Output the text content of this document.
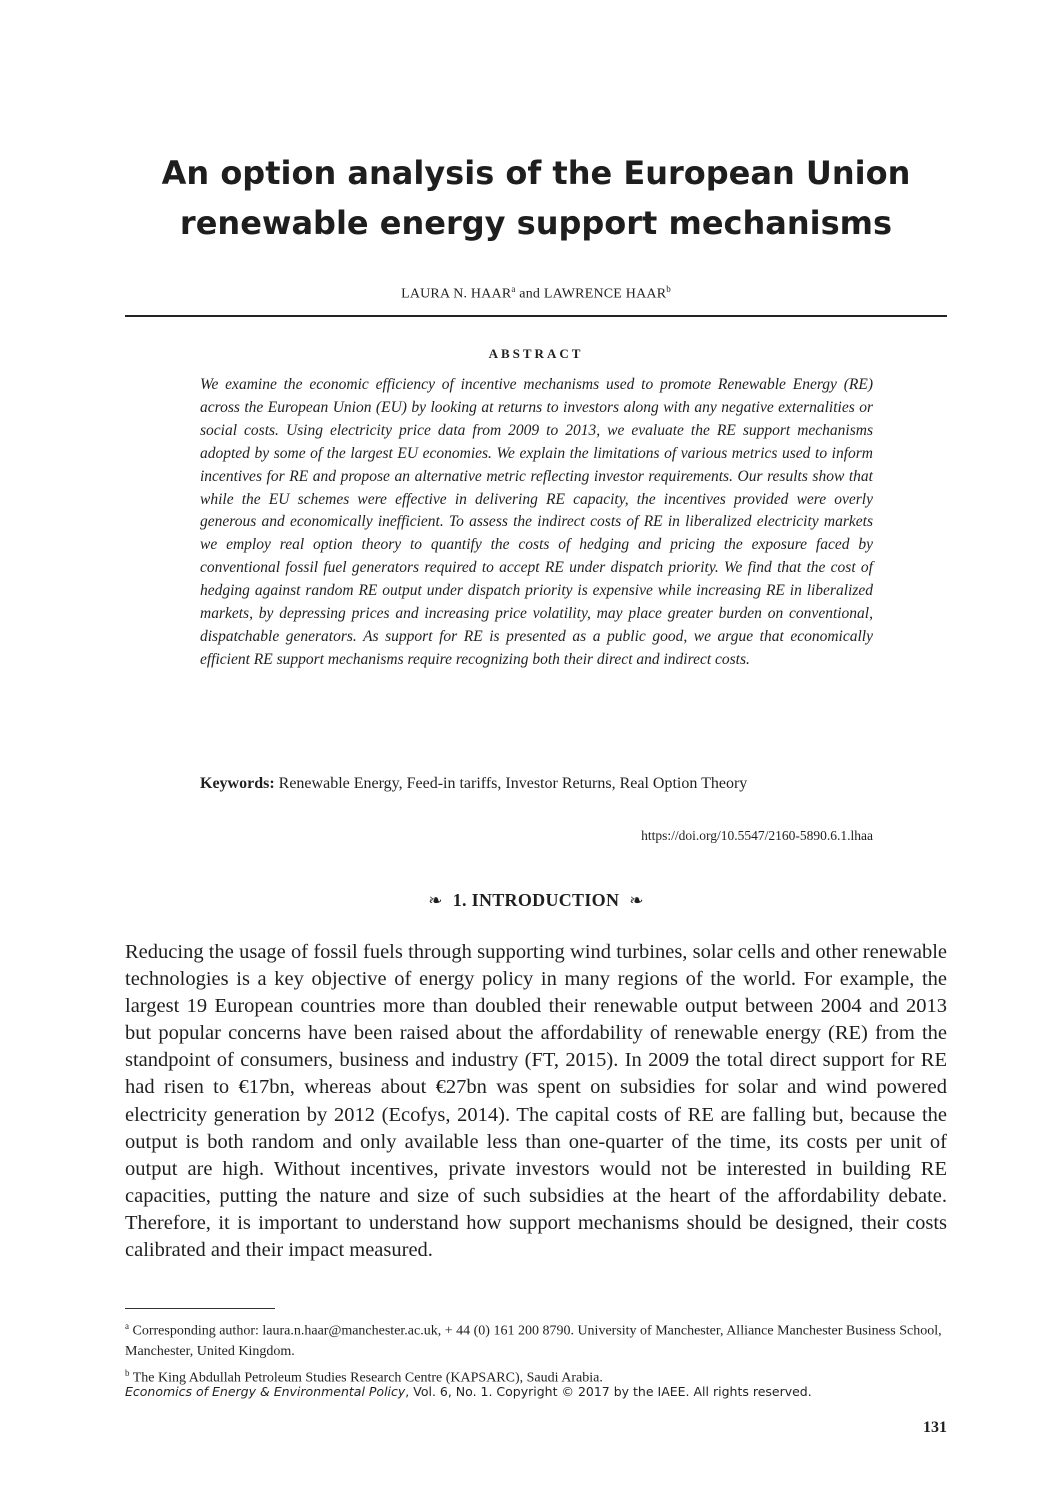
An option analysis of the European Union
renewable energy support mechanisms
LAURA N. HAAR$^a$ and LAWRENCE HAAR$^b$
ABSTRACT

We examine the economic efficiency of incentive mechanisms used to promote Renewable Energy (RE) across the European Union (EU) by looking at returns to investors along with any negative externalities or social costs. Using electricity price data from 2009 to 2013, we evaluate the RE support mechanisms adopted by some of the largest EU economies. We explain the limitations of various metrics used to inform incentives for RE and propose an alternative metric reflecting investor requirements. Our results show that while the EU schemes were effective in delivering RE capacity, the incentives provided were overly generous and economically inefficient. To assess the indirect costs of RE in liberalized electricity markets we employ real option theory to quantify the costs of hedging and pricing the exposure faced by conventional fossil fuel generators required to accept RE under dispatch priority. We find that the cost of hedging against random RE output under dispatch priority is expensive while increasing RE in liberalized markets, by depressing prices and increasing price volatility, may place greater burden on conventional, dispatchable generators. As support for RE is presented as a public good, we argue that economically efficient RE support mechanisms require recognizing both their direct and indirect costs.

Keywords: Renewable Energy, Feed-in tariffs, Investor Returns, Real Option Theory
https://doi.org/10.5547/2160-5890.6.1.lhaa
❧ 1. INTRODUCTION ❧

Reducing the usage of fossil fuels through supporting wind turbines, solar cells and other renewable technologies is a key objective of energy policy in many regions of the world. For example, the largest 19 European countries more than doubled their renewable output between 2004 and 2013 but popular concerns have been raised about the affordability of renewable energy (RE) from the standpoint of consumers, business and industry (FT, 2015). In 2009 the total direct support for RE had risen to €17bn, whereas about €27bn was spent on subsidies for solar and wind powered electricity generation by 2012 (Ecofys, 2014). The capital costs of RE are falling but, because the output is both random and only available less than one-quarter of the time, its costs per unit of output are high. Without incentives, private investors would not be interested in building RE capacities, putting the nature and size of such subsidies at the heart of the affordability debate. Therefore, it is important to understand how support mechanisms should be designed, their costs calibrated and their impact measured.

$^a$ Corresponding author: laura.n.haar@manchester.ac.uk, + 44 (0) 161 200 8790. University of Manchester, Alliance Manchester Business School, Manchester, United Kingdom.

$^b$ The King Abdullah Petroleum Studies Research Centre (KAPSARC), Saudi Arabia.

Economics of Energy & Environmental Policy, Vol. 6, No. 1. Copyright © 2017 by the IAEE. All rights reserved.
131
